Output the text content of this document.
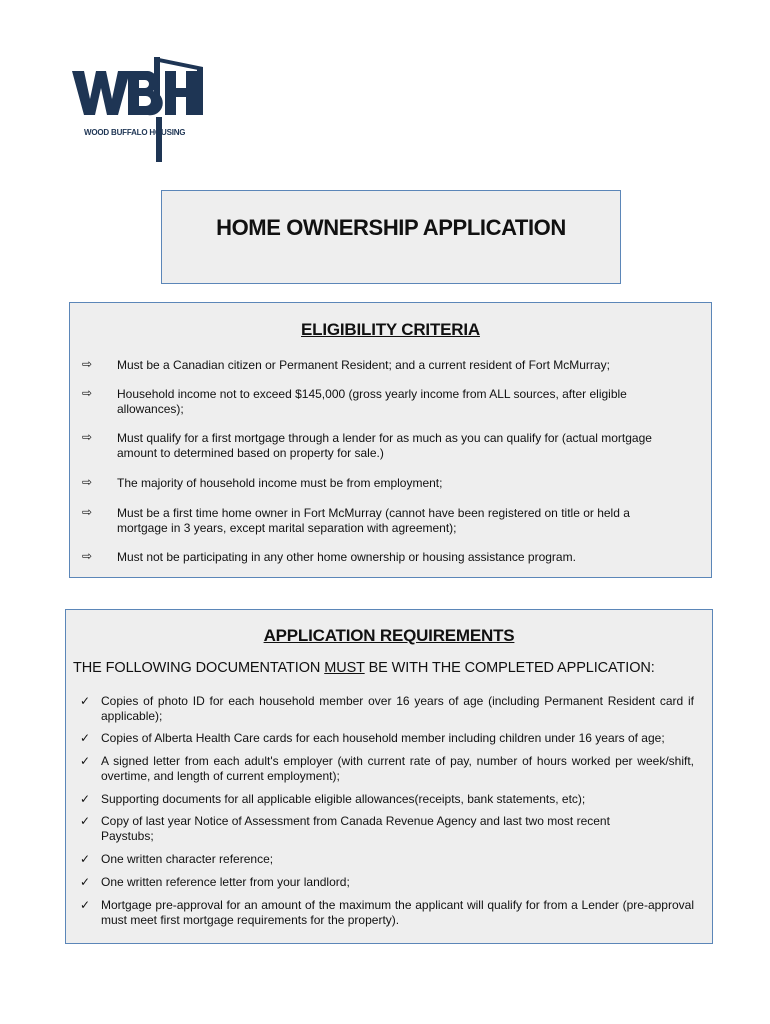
WOOD BUFFALO HOUSING
HOME OWNERSHIP APPLICATION
ELIGIBILITY CRITERIA
⇨ Must be a Canadian citizen or Permanent Resident; and a current resident of Fort McMurray;
⇨ Household income not to exceed $145,000 (gross yearly income from ALL sources, after eligible allowances);
⇨ Must qualify for a first mortgage through a lender for as much as you can qualify for (actual mortgage amount to determined based on property for sale.)
⇨ The majority of household income must be from employment;
⇨ Must be a first time home owner in Fort McMurray (cannot have been registered on title or held a mortgage in 3 years, except marital separation with agreement);
⇨ Must not be participating in any other home ownership or housing assistance program.
APPLICATION REQUIREMENTS
THE FOLLOWING DOCUMENTATION MUST BE WITH THE COMPLETED APPLICATION:
✓ Copies of photo ID for each household member over 16 years of age (including Permanent Resident card if applicable);
✓ Copies of Alberta Health Care cards for each household member including children under 16 years of age;
✓ A signed letter from each adult's employer (with current rate of pay, number of hours worked per week/shift, overtime, and length of current employment);
✓ Supporting documents for all applicable eligible allowances(receipts, bank statements, etc);
✓ Copy of last year Notice of Assessment from Canada Revenue Agency and last two most recent Paystubs;
✓ One written character reference;
✓ One written reference letter from your landlord;
✓ Mortgage pre-approval for an amount of the maximum the applicant will qualify for from a Lender (pre-approval must meet first mortgage requirements for the property).
